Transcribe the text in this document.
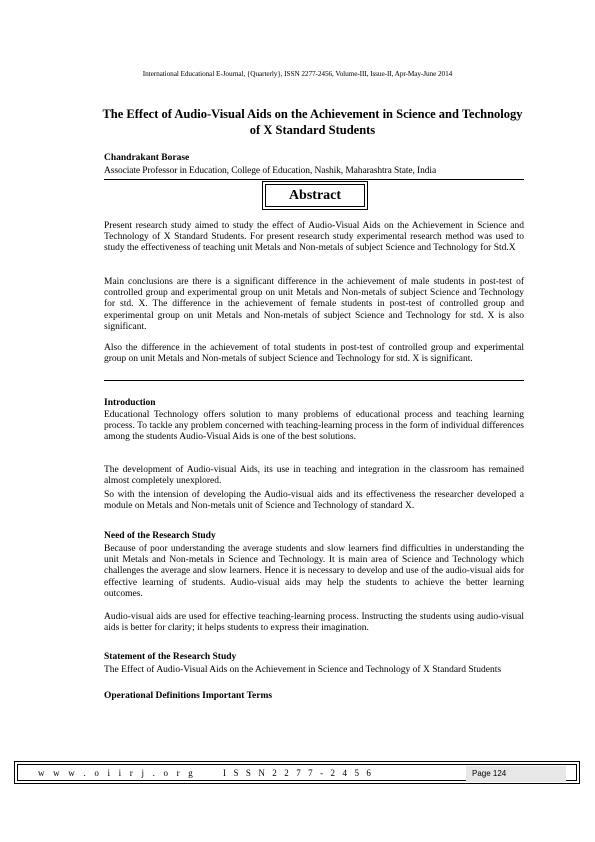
International Educational E-Journal, {Quarterly}, ISSN 2277-2456, Volume-III, Issue-II, Apr-May-June 2014
The Effect of Audio-Visual Aids on the Achievement in Science and Technology of X Standard Students
Chandrakant Borase
Associate Professor in Education, College of Education, Nashik, Maharashtra State, India
Abstract

Present research study aimed to study the effect of Audio-Visual Aids on the Achievement in Science and Technology of X Standard Students. For present research study experimental research method was used to study the effectiveness of teaching unit Metals and Non-metals of subject Science and Technology for Std.X

Main conclusions are there is a significant difference in the achievement of male students in post-test of controlled group and experimental group on unit Metals and Non-metals of subject Science and Technology for std. X. The difference in the achievement of female students in post-test of controlled group and experimental group on unit Metals and Non-metals of subject Science and Technology for std. X is also significant.

Also the difference in the achievement of total students in post-test of controlled group and experimental group on unit Metals and Non-metals of subject Science and Technology for std. X is significant.

Introduction

Educational Technology offers solution to many problems of educational process and teaching learning process. To tackle any problem concerned with teaching-learning process in the form of individual differences among the students Audio-Visual Aids is one of the best solutions.

The development of Audio-visual Aids, its use in teaching and integration in the classroom has remained almost completely unexplored.

So with the intension of developing the Audio-visual aids and its effectiveness the researcher developed a module on Metals and Non-metals unit of Science and Technology of standard X.

Need of the Research Study

Because of poor understanding the average students and slow learners find difficulties in understanding the unit Metals and Non-metals in Science and Technology. It is main area of Science and Technology which challenges the average and slow learners. Hence it is necessary to develop and use of the audio-visual aids for effective learning of students. Audio-visual aids may help the students to achieve the better learning outcomes.

Audio-visual aids are used for effective teaching-learning process. Instructing the students using audio-visual aids is better for clarity; it helps students to express their imagination.

Statement of the Research Study

The Effect of Audio-Visual Aids on the Achievement in Science and Technology of X Standard Students

Operational Definitions Important Terms

w w w . o i i r j . o r g	I S S N 2 2 7 7 - 2 4 5 6	Page 124
